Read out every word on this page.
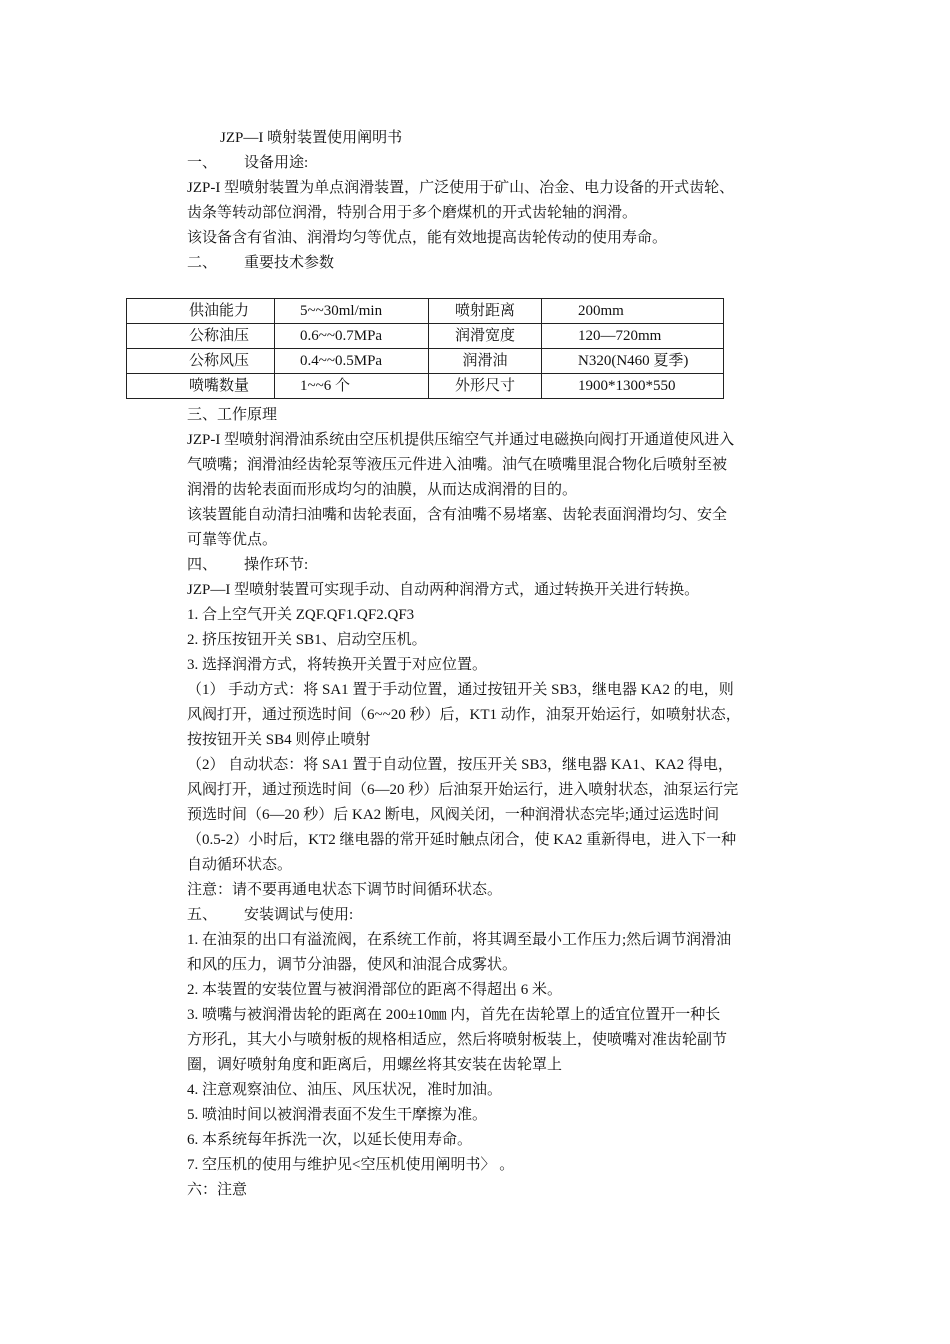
JZP—I 喷射装置使用阐明书
一、 设备用途:
JZP-I 型喷射装置为单点润滑装置，广泛使用于矿山、冶金、电力设备的开式齿轮、
齿条等转动部位润滑，特别合用于多个磨煤机的开式齿轮轴的润滑。
该设备含有省油、润滑均匀等优点，能有效地提高齿轮传动的使用寿命。
二、 重要技术参数
供油能力	5~~30ml/min	喷射距离	200mm
公称油压	0.6~~0.7MPa	润滑宽度	120—720mm
公称风压	0.4~~0.5MPa	润滑油	N320(N460 夏季)
喷嘴数量	1~~6 个	外形尺寸	1900*1300*550
三、工作原理
JZP-I 型喷射润滑油系统由空压机提供压缩空气并通过电磁换向阀打开通道使风进入
气喷嘴；润滑油经齿轮泵等液压元件进入油嘴。油气在喷嘴里混合物化后喷射至被
润滑的齿轮表面而形成均匀的油膜，从而达成润滑的目的。
该装置能自动清扫油嘴和齿轮表面，含有油嘴不易堵塞、齿轮表面润滑均匀、安全
可靠等优点。
四、 操作环节:
JZP—I 型喷射装置可实现手动、自动两种润滑方式，通过转换开关进行转换。
1. 合上空气开关 ZQF.QF1.QF2.QF3
2. 挤压按钮开关 SB1、启动空压机。
3. 选择润滑方式，将转换开关置于对应位置。
（1） 手动方式：将 SA1 置于手动位置，通过按钮开关 SB3，继电器 KA2 的电，则
风阀打开，通过预选时间（6~~20 秒）后，KT1 动作，油泵开始运行，如喷射状态，
按按钮开关 SB4 则停止喷射
（2） 自动状态：将 SA1 置于自动位置，按压开关 SB3，继电器 KA1、KA2 得电，
风阀打开，通过预选时间（6—20 秒）后油泵开始运行，进入喷射状态，油泵运行完
预选时间（6—20 秒）后 KA2 断电，风阀关闭，一种润滑状态完毕;通过运选时间
（0.5-2）小时后，KT2 继电器的常开延时触点闭合，使 KA2 重新得电，进入下一种
自动循环状态。
注意：请不要再通电状态下调节时间循环状态。
五、 安装调试与使用:
1. 在油泵的出口有溢流阀，在系统工作前，将其调至最小工作压力;然后调节润滑油
和风的压力，调节分油器，使风和油混合成雾状。
2. 本装置的安装位置与被润滑部位的距离不得超出 6 米。
3. 喷嘴与被润滑齿轮的距离在 200±10㎜ 内，首先在齿轮罩上的适宜位置开一种长
方形孔，其大小与喷射板的规格相适应，然后将喷射板装上，使喷嘴对准齿轮副节
圈，调好喷射角度和距离后，用螺丝将其安装在齿轮罩上
4. 注意观察油位、油压、风压状况，准时加油。
5. 喷油时间以被润滑表面不发生干摩擦为准。
6. 本系统每年拆洗一次，以延长使用寿命。
7. 空压机的使用与维护见<空压机使用阐明书〉 。
六：注意
